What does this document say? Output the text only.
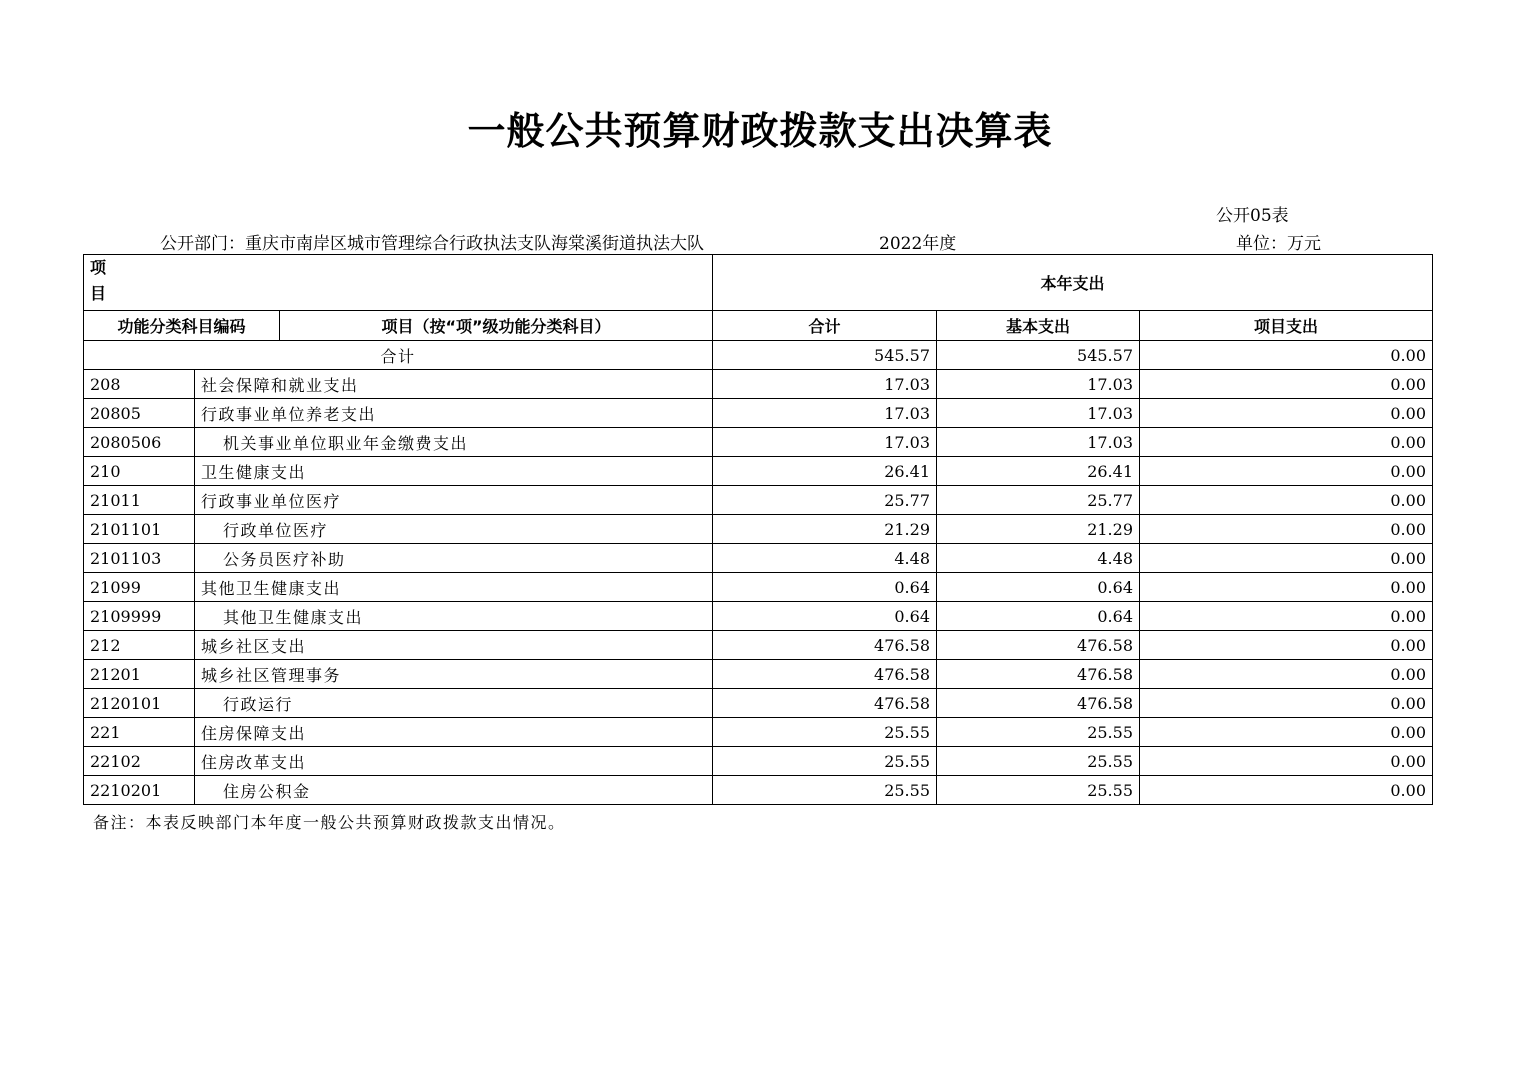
一般公共预算财政拨款支出决算表
公开05表
公开部门：重庆市南岸区城市管理综合行政执法支队海棠溪街道执法大队	2022年度	单位：万元
项
目			本年支出		
功能分类科目编码		项目（按“项”级功能分类科目）	合计	基本支出	项目支出
合计			545.57	545.57	0.00
208	社会保障和就业支出		17.03	17.03	0.00
20805	行政事业单位养老支出		17.03	17.03	0.00
2080506	机关事业单位职业年金缴费支出		17.03	17.03	0.00
210	卫生健康支出		26.41	26.41	0.00
21011	行政事业单位医疗		25.77	25.77	0.00
2101101	行政单位医疗		21.29	21.29	0.00
2101103	公务员医疗补助		4.48	4.48	0.00
21099	其他卫生健康支出		0.64	0.64	0.00
2109999	其他卫生健康支出		0.64	0.64	0.00
212	城乡社区支出		476.58	476.58	0.00
21201	城乡社区管理事务		476.58	476.58	0.00
2120101	行政运行		476.58	476.58	0.00
221	住房保障支出		25.55	25.55	0.00
22102	住房改革支出		25.55	25.55	0.00
2210201	住房公积金		25.55	25.55	0.00
备注：本表反映部门本年度一般公共预算财政拨款支出情况。
